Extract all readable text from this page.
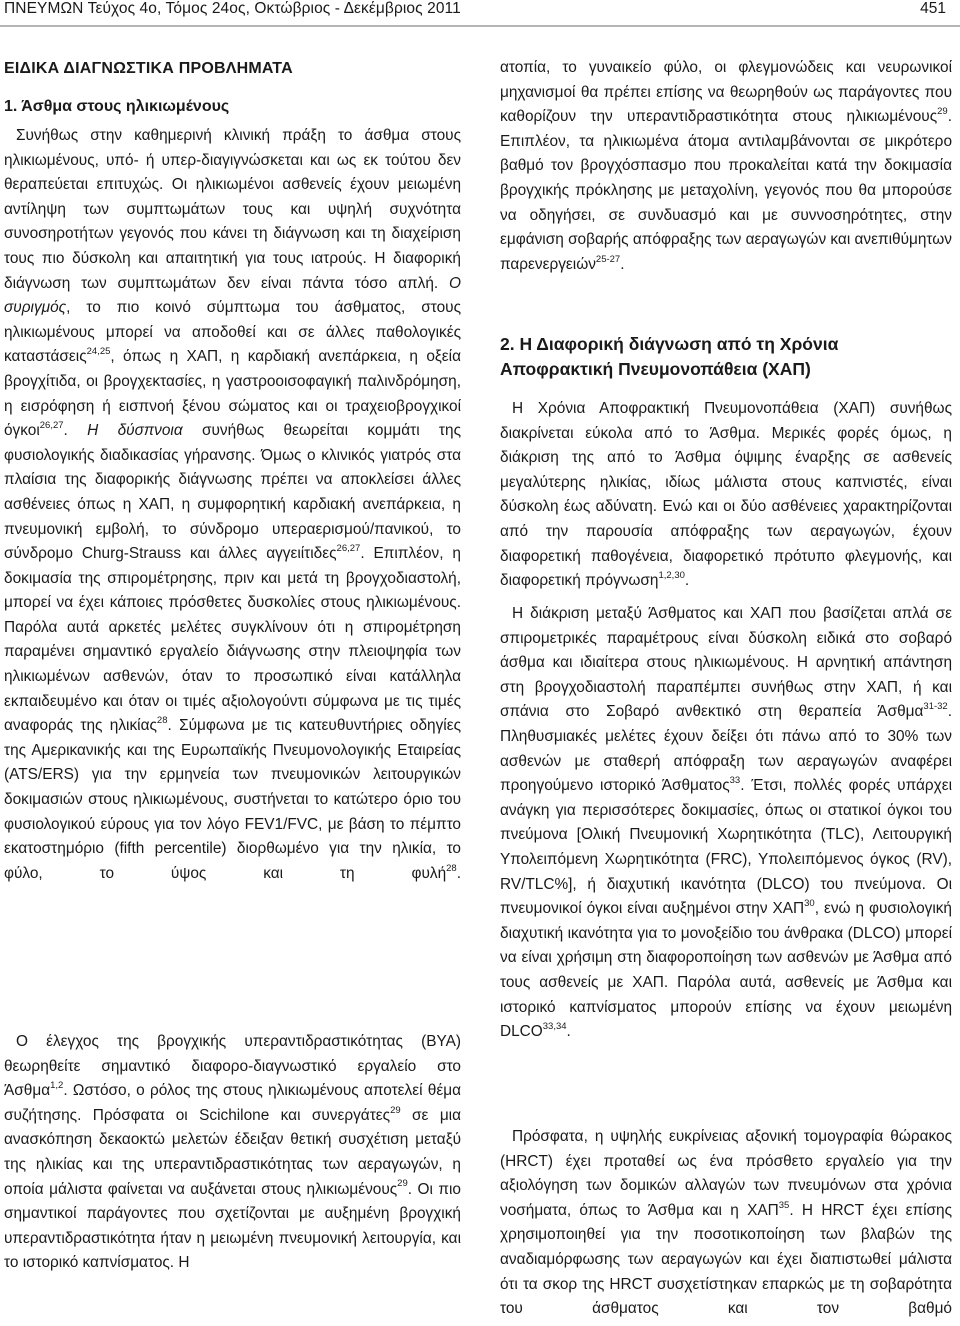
ΠΝΕΥΜΩΝ Τεύχος 4ο, Τόμος 24ος, Οκτώβριος - Δεκέμβριος 2011	451
ΕΙΔΙΚΑ ΔΙΑΓΝΩΣΤΙΚΑ ΠΡΟΒΛΗΜΑΤΑ
1. Άσθμα στους ηλικιωμένους

Συνήθως στην καθημερινή κλινική πράξη το άσθμα στους ηλικιωμένους, υπό- ή υπερ-διαγιγνώσκεται και ως εκ τούτου δεν θεραπεύεται επιτυχώς. Οι ηλικιωμένοι ασθενείς έχουν μειωμένη αντίληψη των συμπτωμάτων τους και υψηλή συχνότητα συνοσηροτήτων γεγονός που κάνει τη διάγνωση και τη διαχείριση τους πιο δύσκολη και απαιτητική για τους ιατρούς. Η διαφορική διάγνωση των συμπτωμάτων δεν είναι πάντα τόσο απλή. Ο συριγμός, το πιο κοινό σύμπτωμα του άσθματος, στους ηλικιωμένους μπορεί να αποδοθεί και σε άλλες παθολογικές καταστάσεις$^{24,25}$, όπως η ΧΑΠ, η καρδιακή ανεπάρκεια, η οξεία βρογχίτιδα, οι βρογχεκτασίες, η γαστροοισοφαγική παλινδρόμηση, η εισρόφηση ή εισπνοή ξένου σώματος και οι τραχειοβρογχικοί όγκοι$^{26,27}$. Η δύσπνοια συνήθως θεωρείται κομμάτι της φυσιολογικής διαδικασίας γήρανσης. Όμως ο κλινικός γιατρός στα πλαίσια της διαφορικής διάγνωσης πρέπει να αποκλείσει άλλες ασθένειες όπως η ΧΑΠ, η συμφορητική καρδιακή ανεπάρκεια, η πνευμονική εμβολή, το σύνδρομο υπεραερισμού/πανικού, το σύνδρομο Churg-Strauss και άλλες αγγειίτιδες$^{26,27}$. Επιπλέον, η δοκιμασία της σπιρομέτρησης, πριν και μετά τη βρογχοδιαστολή, μπορεί να έχει κάποιες πρόσθετες δυσκολίες στους ηλικιωμένους. Παρόλα αυτά αρκετές μελέτες συγκλίνουν ότι η σπιρομέτρηση παραμένει σημαντικό εργαλείο διάγνωσης στην πλειοψηφία των ηλικιωμένων ασθενών, όταν το προσωπικό είναι κατάλληλα εκπαιδευμένο και όταν οι τιμές αξιολογούντι σύμφωνα με τις τιμές αναφοράς της ηλικίας$^{28}$. Σύμφωνα με τις κατευθυντήριες οδηγίες της Αμερικανικής και της Ευρωπαϊκής Πνευμονολογικής Εταιρείας (ATS/ERS) για την ερμηνεία των πνευμονικών λειτουργικών δοκιμασιών στους ηλικιωμένους, συστήνεται το κατώτερο όριο του φυσιολογικού εύρους για τον λόγο FEV1/FVC, με βάση το πέμπτο εκατοστημόριο (fifth percentile) διορθωμένο για την ηλικία, το φύλο, το ύψος και τη φυλή$^{28}$.

Ο έλεγχος της βρογχικής υπεραντιδραστικότητας (ΒΥΑ) θεωρηθείτε σημαντικό διαφορο-διαγνωστικό εργαλείο στο Άσθμα$^{1,2}$. Ωστόσο, ο ρόλος της στους ηλικιωμένους αποτελεί θέμα συζήτησης. Πρόσφατα οι Scichilone και συνεργάτες$^{29}$ σε μια ανασκόπηση δεκαοκτώ μελετών έδειξαν θετική συσχέτιση μεταξύ της ηλικίας και της υπεραντιδραστικότητας των αεραγωγών, η οποία μάλιστα φαίνεται να αυξάνεται στους ηλικιωμένους$^{29}$. Οι πιο σημαντικοί παράγοντες που σχετίζονται με αυξημένη βρογχική υπεραντιδραστικότητα ήταν η μειωμένη πνευμονική λειτουργία, και το ιστορικό καπνίσματος. Η

ατοπία, το γυναικείο φύλο, οι φλεγμονώδεις και νευρωνικοί μηχανισμοί θα πρέπει επίσης να θεωρηθούν ως παράγοντες που καθορίζουν την υπεραντιδραστικότητα στους ηλικιωμένους$^{29}$. Επιπλέον, τα ηλικιωμένα άτομα αντιλαμβάνονται σε μικρότερο βαθμό τον βρογχόσπασμο που προκαλείται κατά την δοκιμασία βρογχικής πρόκλησης με μεταχολίνη, γεγονός που θα μπορούσε να οδηγήσει, σε συνδυασμό και με συννοσηρότητες, στην εμφάνιση σοβαρής απόφραξης των αεραγωγών και ανεπιθύμητων παρενεργειών$^{25-27}$.

2. Η Διαφορική διάγνωση από τη Χρόνια Αποφρακτική Πνευμονοπάθεια (ΧΑΠ)

Η Χρόνια Αποφρακτική Πνευμονοπάθεια (ΧΑΠ) συνήθως διακρίνεται εύκολα από το Άσθμα. Μερικές φορές όμως, η διάκριση της από το Άσθμα όψιμης έναρξης σε ασθενείς μεγαλύτερης ηλικίας, ιδίως μάλιστα στους καπνιστές, είναι δύσκολη έως αδύνατη. Ενώ και οι δύο ασθένειες χαρακτηρίζονται από την παρουσία απόφραξης των αεραγωγών, έχουν διαφορετική παθογένεια, διαφορετικό πρότυπο φλεγμονής, και διαφορετική πρόγνωση$^{1,2,30}$.

Η διάκριση μεταξύ Άσθματος και ΧΑΠ που βασίζεται απλά σε σπιρομετρικές παραμέτρους είναι δύσκολη ειδικά στο σοβαρό άσθμα και ιδιαίτερα στους ηλικιωμένους. Η αρνητική απάντηση στη βρογχοδιαστολή παραπέμπει συνήθως στην ΧΑΠ, ή και σπάνια στο Σοβαρό ανθεκτικό στη θεραπεία Άσθμα$^{31-32}$. Πληθυσμιακές μελέτες έχουν δείξει ότι πάνω από το 30% των ασθενών με σταθερή απόφραξη των αεραγωγών αναφέρει προηγούμενο ιστορικό Άσθματος$^{33}$. Έτσι, πολλές φορές υπάρχει ανάγκη για περισσότερες δοκιμασίες, όπως οι στατικοί όγκοι του πνεύμονα [Ολική Πνευμονική Χωρητικότητα (TLC), Λειτουργική Υπολειπόμενη Χωρητικότητα (FRC), Υπολειπόμενος όγκος (RV), RV/TLC%], ή διαχυτική ικανότητα (DLCO) του πνεύμονα. Οι πνευμονικοί όγκοι είναι αυξημένοι στην ΧΑΠ$^{30}$, ενώ η φυσιολογική διαχυτική ικανότητα για το μονοξείδιο του άνθρακα (DLCO) μπορεί να είναι χρήσιμη στη διαφοροποίηση των ασθενών με Άσθμα από τους ασθενείς με ΧΑΠ. Παρόλα αυτά, ασθενείς με Άσθμα και ιστορικό καπνίσματος μπορούν επίσης να έχουν μειωμένη DLCO$^{33,34}$.

Πρόσφατα, η υψηλής ευκρίνειας αξονική τομογραφία θώρακος (HRCT) έχει προταθεί ως ένα πρόσθετο εργαλείο για την αξιολόγηση των δομικών αλλαγών των πνευμόνων στα χρόνια νοσήματα, όπως το Άσθμα και η ΧΑΠ$^{35}$. Η HRCT έχει επίσης χρησιμοποιηθεί για την ποσοτικοποίηση των βλαβών της αναδιαμόρφωσης των αεραγωγών και έχει διαπιστωθεί μάλιστα ότι τα σκορ της HRCT συσχετίστηκαν επαρκώς με τη σοβαρότητα του άσθματος και τον βαθμό
